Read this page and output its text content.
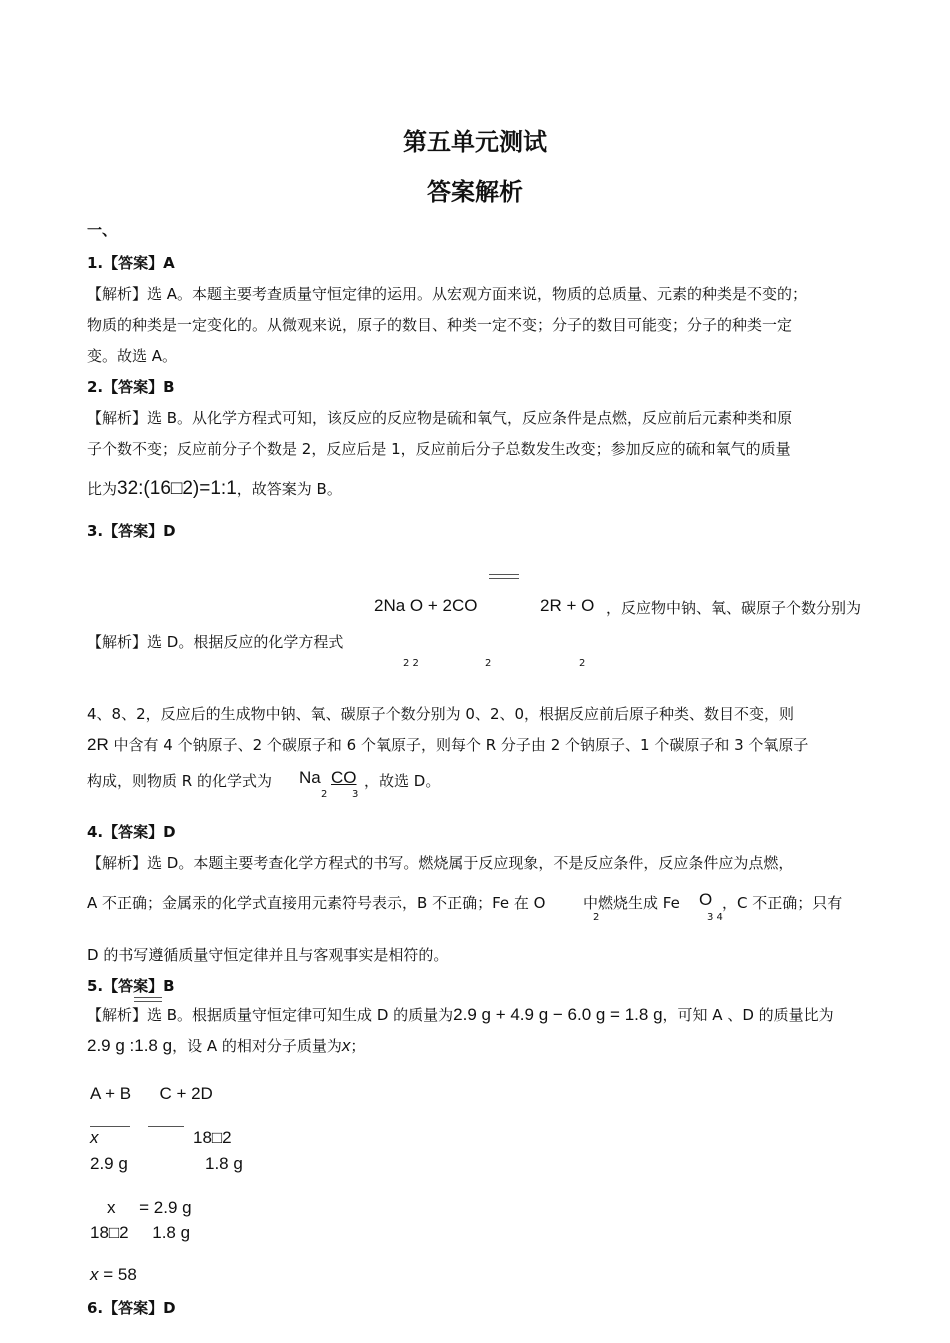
第五单元测试
答案解析
一、
1.【答案】A
【解析】选 A。本题主要考查质量守恒定律的运用。从宏观方面来说，物质的总质量、元素的种类是不变的；
物质的种类是一定变化的。从微观来说，原子的数目、种类一定不变；分子的数目可能变；分子的种类一定
变。故选 A。
2.【答案】B
【解析】选 B。从化学方程式可知，该反应的反应物是硫和氧气，反应条件是点燃，反应前后元素种类和原
子个数不变；反应前分子个数是 2，反应后是 1，反应前后分子总数发生改变；参加反应的硫和氧气的质量
比为32:(16□2)=1:1，故答案为 B。
3.【答案】D
2Na O + 2CO	2R + O ，反应物中钠、氧、碳原子个数分别为
2 2	2	2
【解析】选 D。根据反应的化学方程式
4、8、2，反应后的生成物中钠、氧、碳原子个数分别为 0、2、0，根据反应前后原子种类、数目不变，则
2R 中含有 4 个钠原子、2 个碳原子和 6 个氧原子，则每个 R 分子由 2 个钠原子、1 个碳原子和 3 个氧原子
构成，则物质 R 的化学式为 Na CO
2 3
，故选 D。
4.【答案】D
【解析】选 D。本题主要考查化学方程式的书写。燃烧属于反应现象，不是反应条件，反应条件应为点燃，
A 不正确；金属汞的化学式直接用元素符号表示，B 不正确；Fe 在 O	中燃烧生成 Fe O ，C 不正确；只有
2	3 4
D 的书写遵循质量守恒定律并且与客观事实是相符的。
5.【答案】B
【解析】选 B。根据质量守恒定律可知生成 D 的质量为2.9 g + 4.9 g − 6.0 g = 1.8 g，可知 A 、D 的质量比为
2.9 g :1.8 g，设 A 的相对分子质量为x；
A + B      C + 2D
x	18□2
2.9 g	1.8 g
x     = 2.9 g
18□2     1.8 g
x = 58
6.【答案】D
